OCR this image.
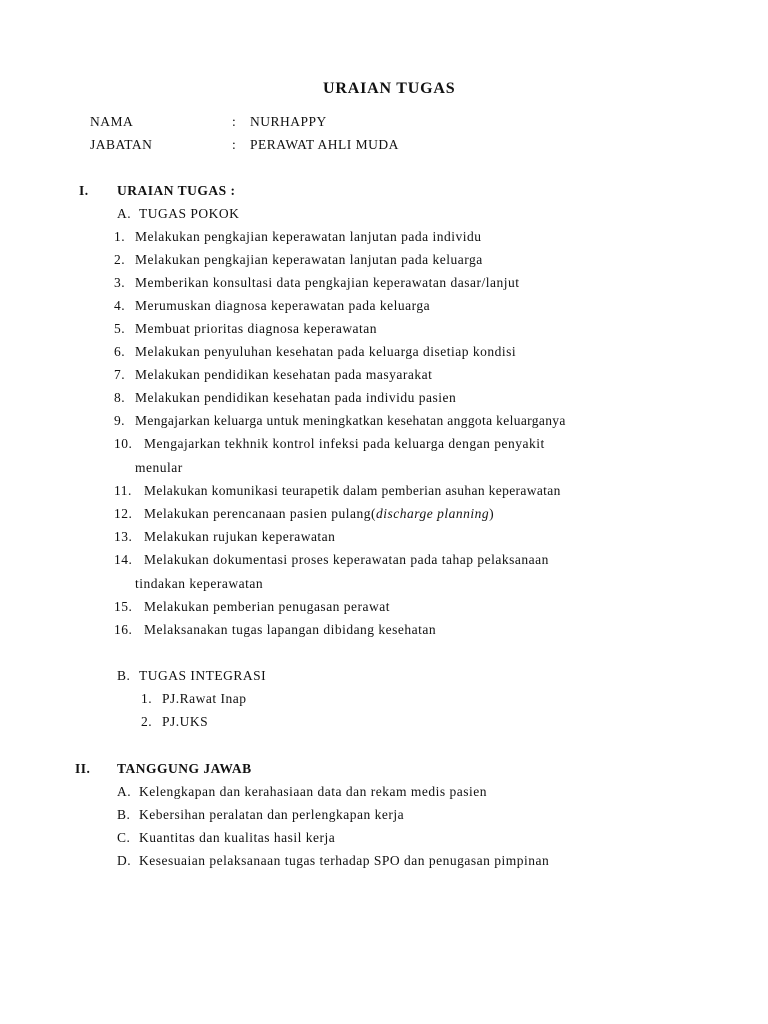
URAIAN TUGAS
NAMA	: NURHAPPY
JABATAN	: PERAWAT AHLI MUDA
I. URAIAN TUGAS :
A. TUGAS POKOK
1. Melakukan pengkajian keperawatan lanjutan pada individu
2. Melakukan pengkajian keperawatan lanjutan pada keluarga
3. Memberikan konsultasi data pengkajian keperawatan dasar/lanjut
4. Merumuskan diagnosa keperawatan pada keluarga
5. Membuat prioritas diagnosa keperawatan
6. Melakukan penyuluhan kesehatan pada keluarga disetiap kondisi
7. Melakukan pendidikan kesehatan pada masyarakat
8. Melakukan pendidikan kesehatan pada individu pasien
9. Mengajarkan keluarga untuk meningkatkan kesehatan anggota keluarganya
10. Mengajarkan tekhnik kontrol infeksi pada keluarga dengan penyakit
menular
11. Melakukan komunikasi teurapetik dalam pemberian asuhan keperawatan
12. Melakukan perencanaan pasien pulang(discharge planning)
13. Melakukan rujukan keperawatan
14. Melakukan dokumentasi proses keperawatan pada tahap pelaksanaan
tindakan keperawatan
15. Melakukan pemberian penugasan perawat
16. Melaksanakan tugas lapangan dibidang kesehatan
B. TUGAS INTEGRASI
1. PJ.Rawat Inap
2. PJ.UKS
II. TANGGUNG JAWAB
A. Kelengkapan dan kerahasiaan data dan rekam medis pasien
B. Kebersihan peralatan dan perlengkapan kerja
C. Kuantitas dan kualitas hasil kerja
D. Kesesuaian pelaksanaan tugas terhadap SPO dan penugasan pimpinan
